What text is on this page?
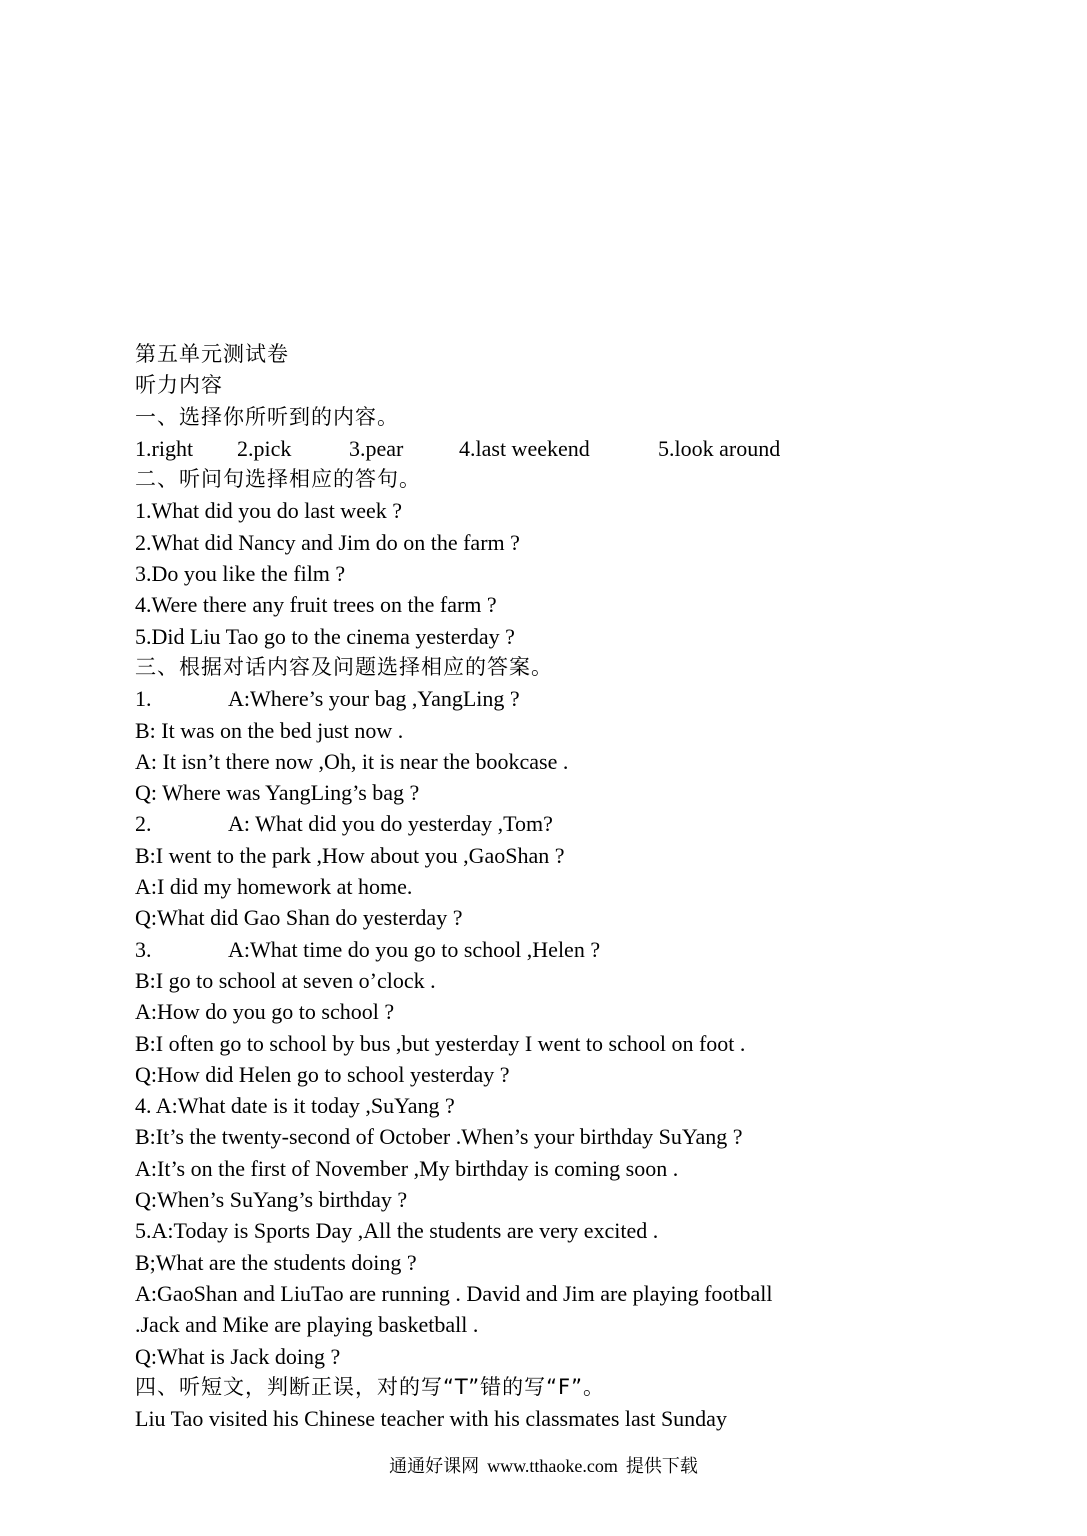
第五单元测试卷
听力内容
一、选择你所听到的内容。
1.right 2.pick	3.pear	4.last weekend	5.look around
二、听问句选择相应的答句。
1.What did you do last week ?
2.What did Nancy and Jim do on the farm ?
3.Do you like the film ?
4.Were there any fruit trees on the farm ?
5.Did Liu Tao go to the cinema yesterday ?
三、根据对话内容及问题选择相应的答案。
1.	A:Where’s your bag ,YangLing ?
B: It was on the bed just now .
A: It isn’t there now ,Oh, it is near the bookcase .
Q: Where was YangLing’s bag ?
2.	A: What did you do yesterday ,Tom?
B:I went to the park ,How about you ,GaoShan ?
A:I did my homework at home.
Q:What did Gao Shan do yesterday ?
3.	A:What time do you go to school ,Helen ?
B:I go to school at seven o’clock .
A:How do you go to school ?
B:I often go to school by bus ,but yesterday I went to school on foot .
Q:How did Helen go to school yesterday ?
4. A:What date is it today ,SuYang ?
B:It’s the twenty-second of October .When’s your birthday SuYang ?
A:It’s on the first of November ,My birthday is coming soon .
Q:When’s SuYang’s birthday ?
5.A:Today is Sports Day ,All the students are very excited .
B;What are the students doing ?
A:GaoShan and LiuTao are running . David and Jim are playing football
.Jack and Mike are playing basketball .
Q:What is Jack doing ?
四、听短文，判断正误，对的写“T”错的写“F”。
Liu Tao visited his Chinese teacher with his classmates last Sunday
通通好课网 www.tthaoke.com 提供下载
